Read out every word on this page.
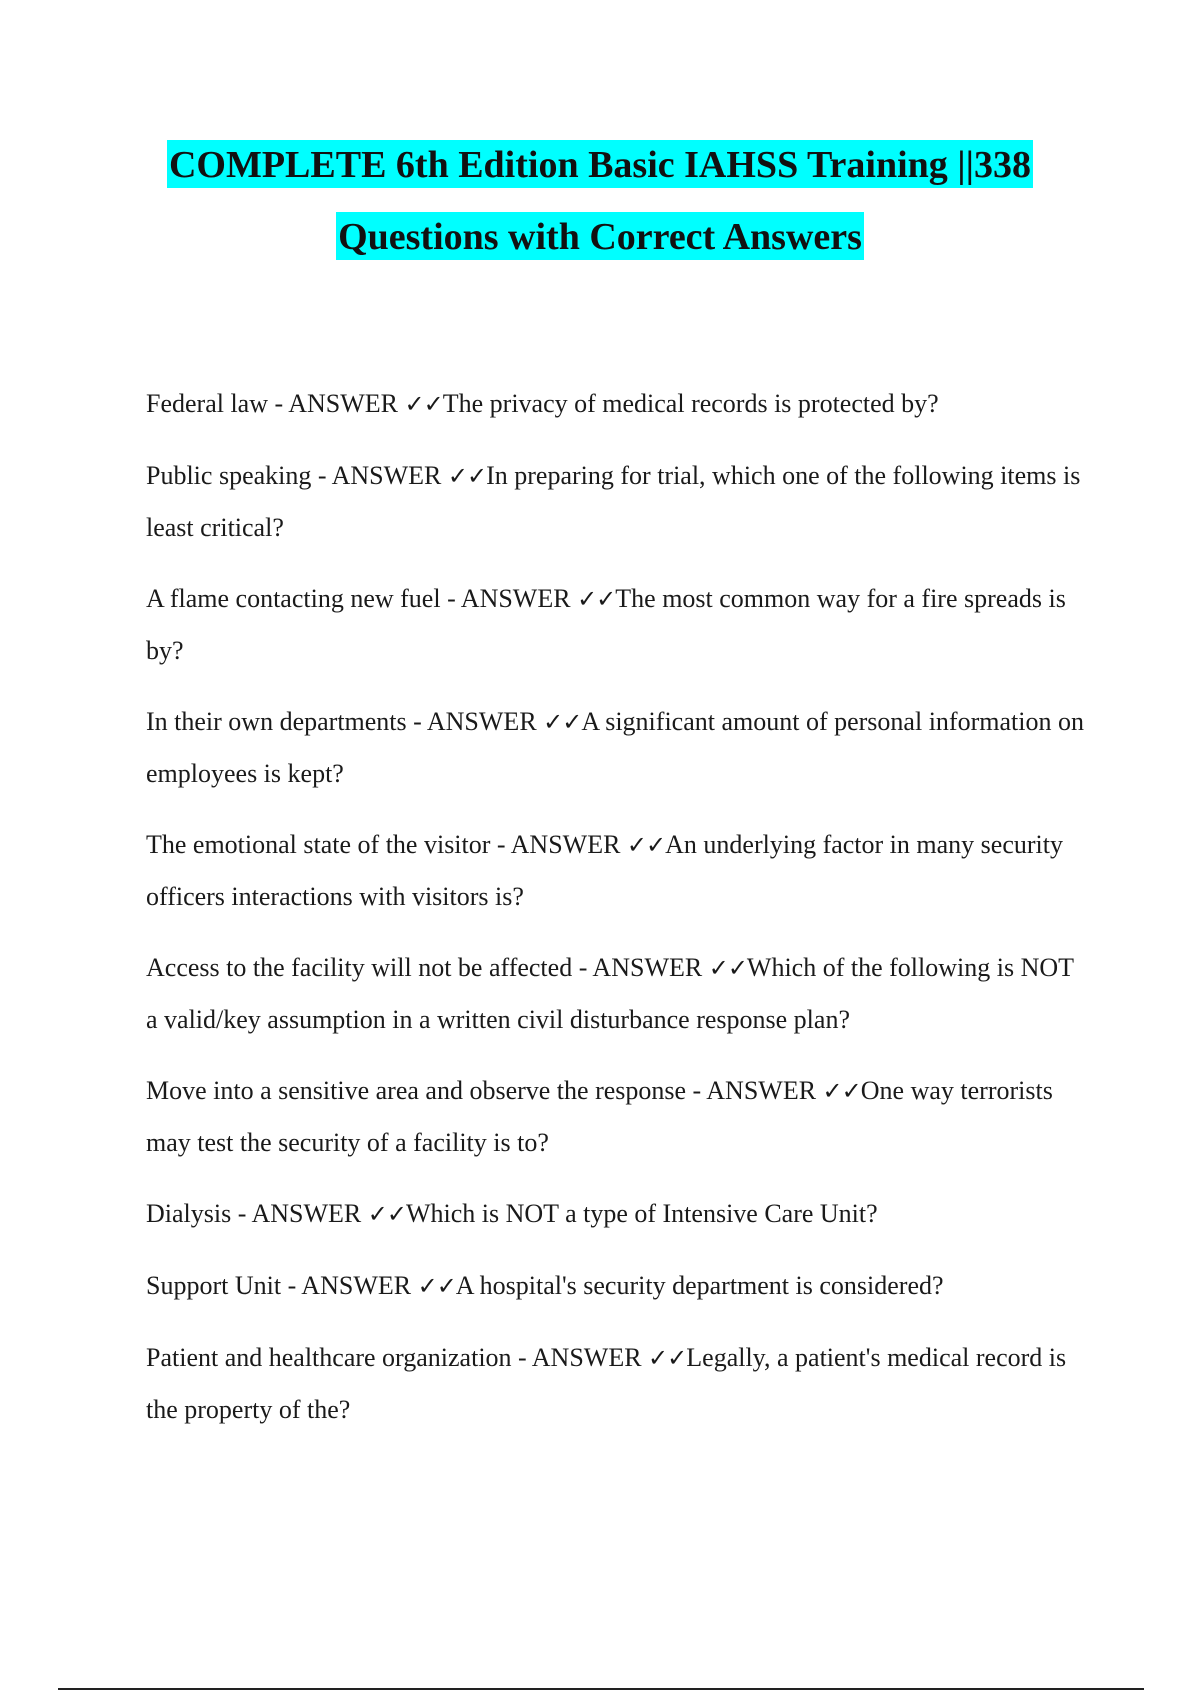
COMPLETE 6th Edition Basic IAHSS Training ||338
Questions with Correct Answers

Federal law - ANSWER ✓✓The privacy of medical records is protected by?

Public speaking - ANSWER ✓✓In preparing for trial, which one of the following items is least critical?

A flame contacting new fuel - ANSWER ✓✓The most common way for a fire spreads is by?

In their own departments - ANSWER ✓✓A significant amount of personal information on employees is kept?

The emotional state of the visitor - ANSWER ✓✓An underlying factor in many security officers interactions with visitors is?

Access to the facility will not be affected - ANSWER ✓✓Which of the following is NOT a valid/key assumption in a written civil disturbance response plan?

Move into a sensitive area and observe the response - ANSWER ✓✓One way terrorists may test the security of a facility is to?

Dialysis - ANSWER ✓✓Which is NOT a type of Intensive Care Unit?

Support Unit - ANSWER ✓✓A hospital's security department is considered?

Patient and healthcare organization - ANSWER ✓✓Legally, a patient's medical record is the property of the?
